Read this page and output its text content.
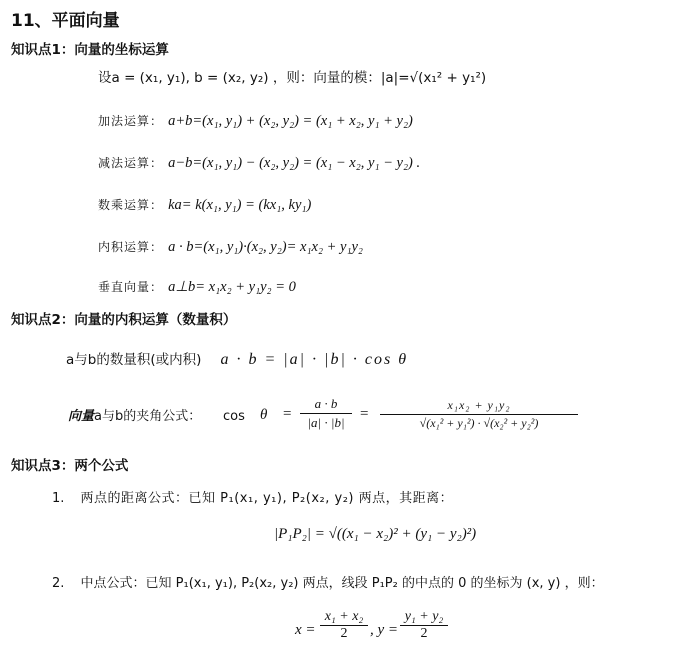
11、平面向量
知识点1：向量的坐标运算
设a = (x₁, y₁), b = (x₂, y₂) ，则：向量的模：|a|=√(x₁² + y₁²)
加法运算： a+b=(x₁, y₁) + (x₂, y₂) = (x₁ + x₂, y₁ + y₂)
减法运算： a−b=(x₁, y₁) − (x₂, y₂) = (x₁ − x₂, y₁ − y₂) .
数乘运算： ka= k(x₁, y₁) = (kx₁, ky₁)
内积运算： a · b=(x₁, y₁)·(x₂, y₂)= x₁x₂ + y₁y₂
垂直向量： a⊥b= x₁x₂ + y₁y₂ = 0
知识点2：向量的内积运算（数量积）
a与b的数量积(或内积) a · b = |a| · |b| · cos θ
向量a与b的夹角公式： cos θ =
a · b
|a| · |b|
=
x₁x₂ + y₁y₂
√(x₁² + y₁²) · √(x₂² + y₂²)
知识点3：两个公式
1. 两点的距离公式：已知 P₁(x₁, y₁), P₂(x₂, y₂) 两点，其距离：
|P₁P₂| = √((x₁ − x₂)² + (y₁ − y₂)²)
2. 中点公式：已知 P₁(x₁, y₁), P₂(x₂, y₂) 两点，线段 P₁P₂ 的中点的 0 的坐标为 (x, y) ，则：
x =
x₁ + x₂
2	, y =
y₁ + y₂
2
